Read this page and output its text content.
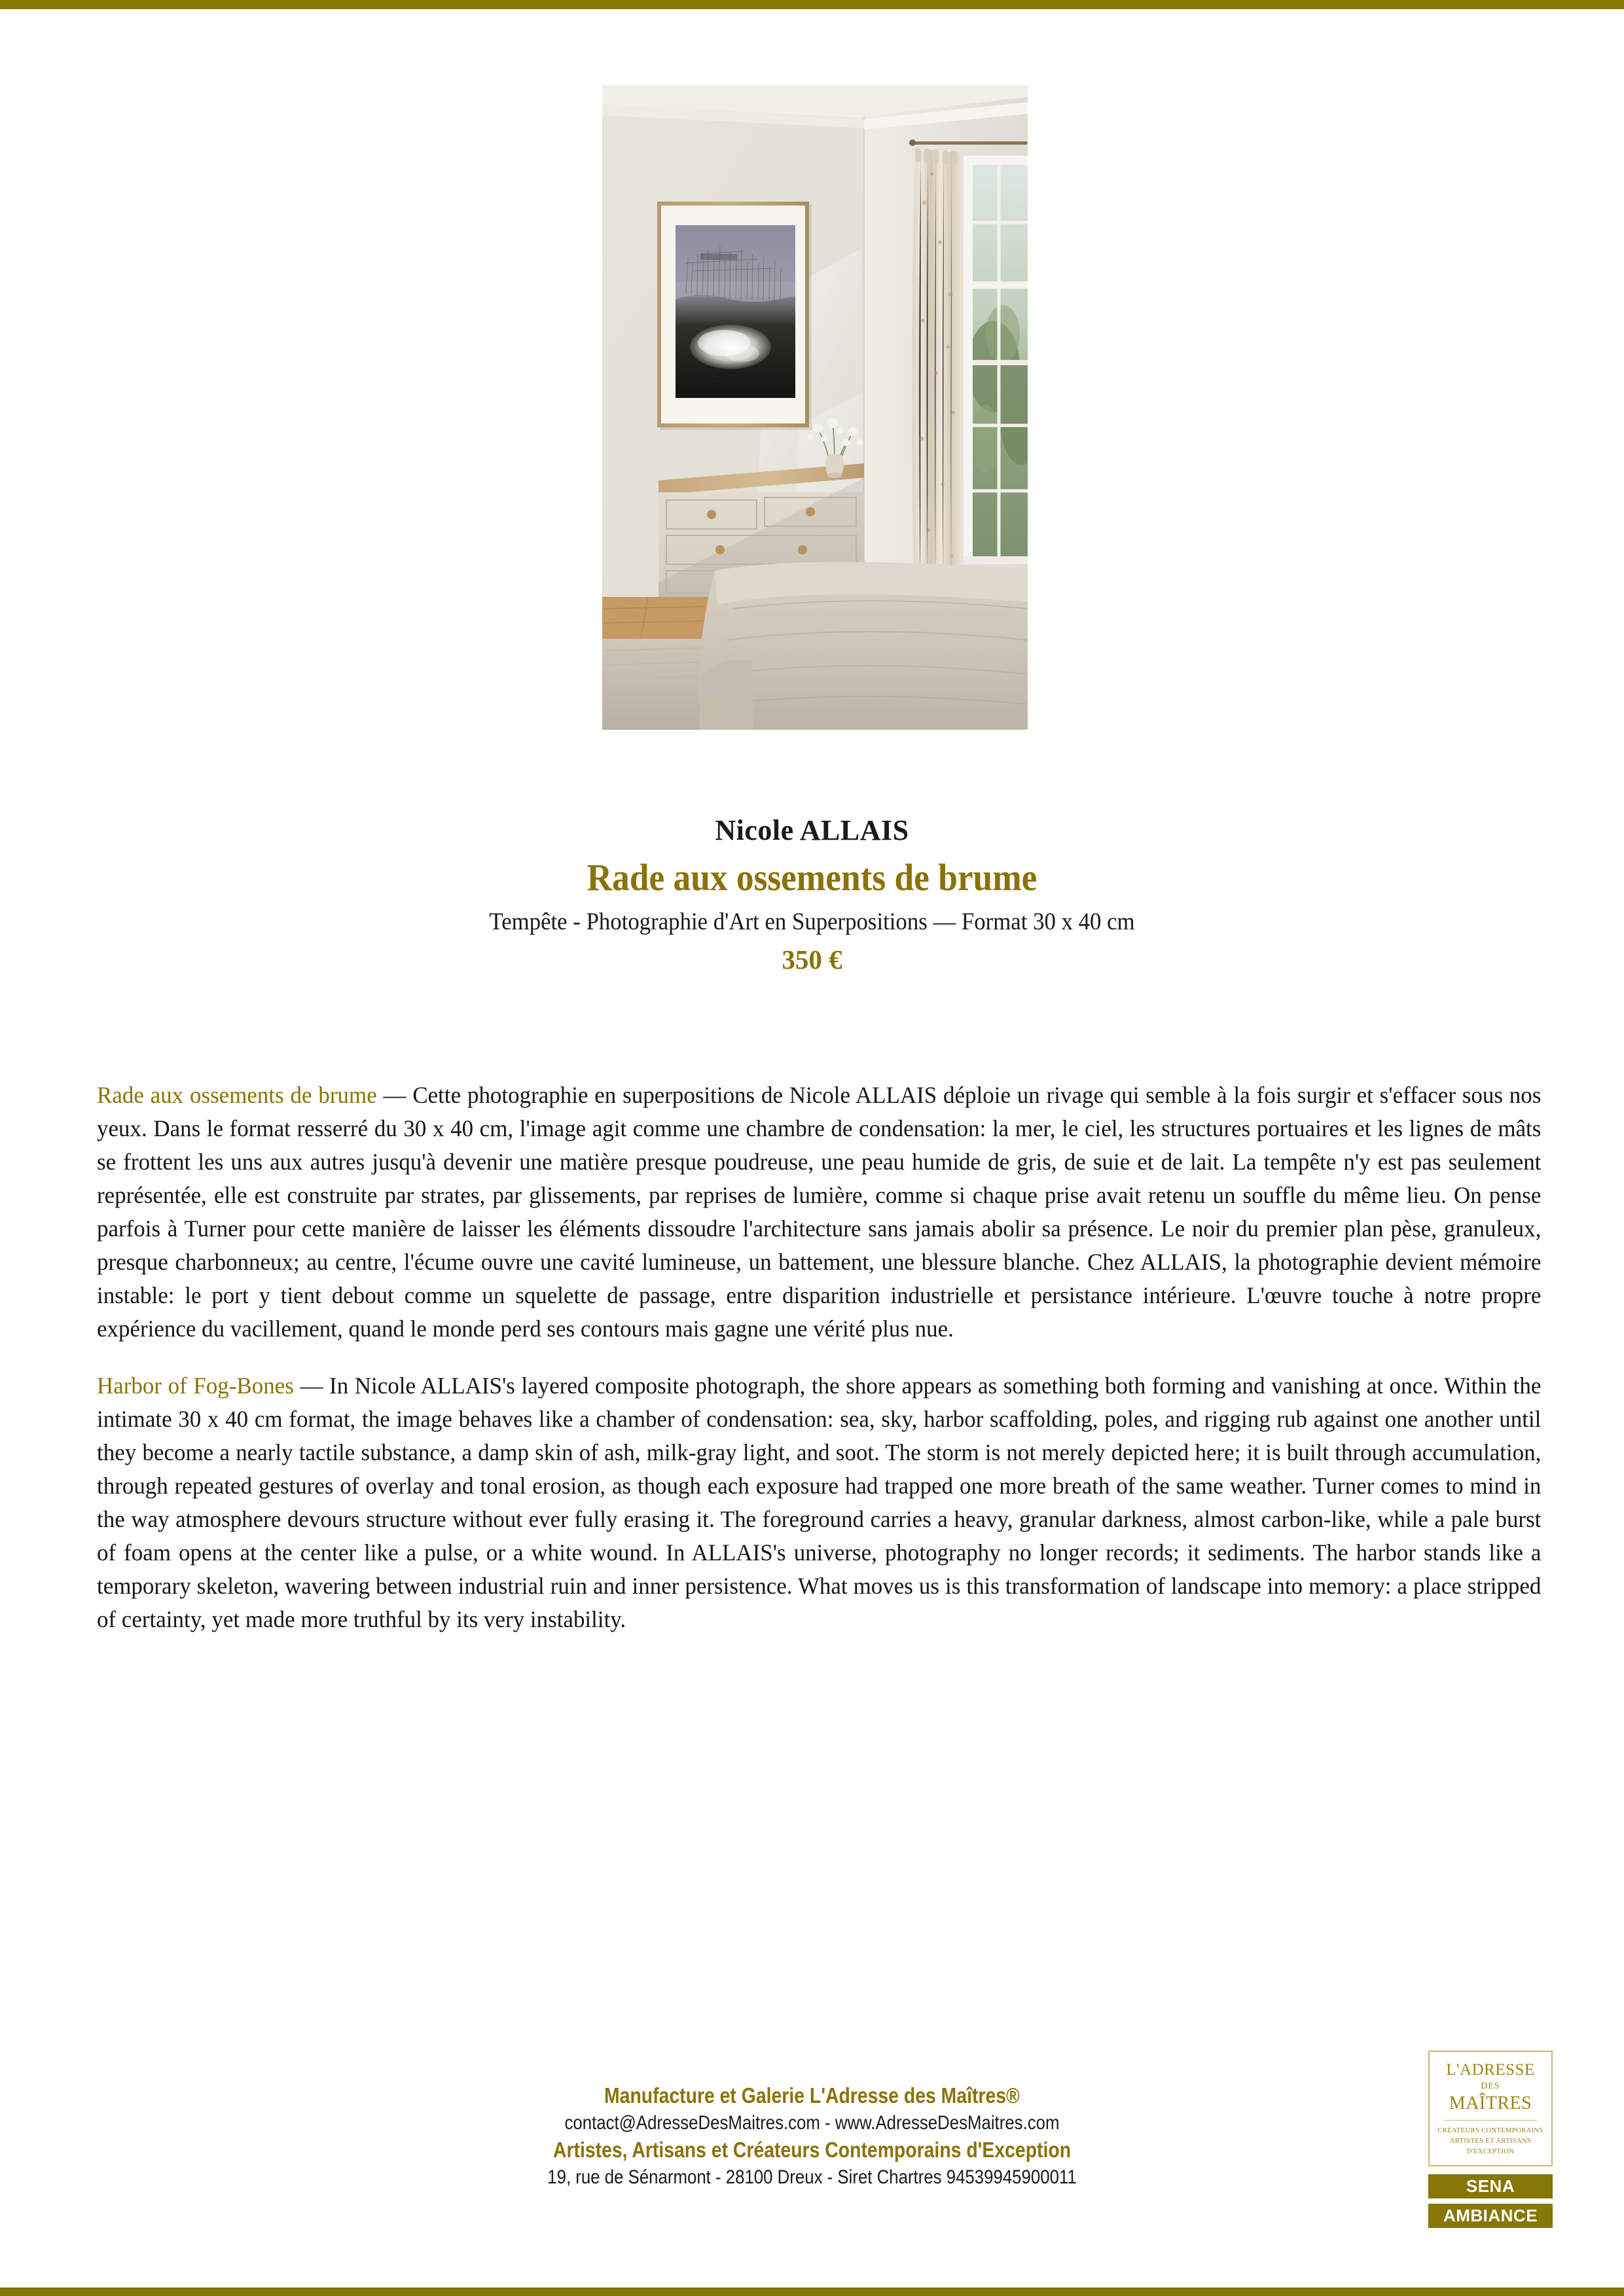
Nicole ALLAIS
Rade aux ossements de brume
Tempête - Photographie d'Art en Superpositions — Format 30 x 40 cm
350 €

Rade aux ossements de brume — Cette photographie en superpositions de Nicole ALLAIS déploie un rivage qui semble à la fois surgir et s'effacer sous nos yeux. Dans le format resserré du 30 x 40 cm, l'image agit comme une chambre de condensation: la mer, le ciel, les structures portuaires et les lignes de mâts se frottent les uns aux autres jusqu'à devenir une matière presque poudreuse, une peau humide de gris, de suie et de lait. La tempête n'y est pas seulement représentée, elle est construite par strates, par glissements, par reprises de lumière, comme si chaque prise avait retenu un souffle du même lieu. On pense parfois à Turner pour cette manière de laisser les éléments dissoudre l'architecture sans jamais abolir sa présence. Le noir du premier plan pèse, granuleux, presque charbonneux; au centre, l'écume ouvre une cavité lumineuse, un battement, une blessure blanche. Chez ALLAIS, la photographie devient mémoire instable: le port y tient debout comme un squelette de passage, entre disparition industrielle et persistance intérieure. L'œuvre touche à notre propre expérience du vacillement, quand le monde perd ses contours mais gagne une vérité plus nue.

Harbor of Fog-Bones — In Nicole ALLAIS's layered composite photograph, the shore appears as something both forming and vanishing at once. Within the intimate 30 x 40 cm format, the image behaves like a chamber of condensation: sea, sky, harbor scaffolding, poles, and rigging rub against one another until they become a nearly tactile substance, a damp skin of ash, milk-gray light, and soot. The storm is not merely depicted here; it is built through accumulation, through repeated gestures of overlay and tonal erosion, as though each exposure had trapped one more breath of the same weather. Turner comes to mind in the way atmosphere devours structure without ever fully erasing it. The foreground carries a heavy, granular darkness, almost carbon-like, while a pale burst of foam opens at the center like a pulse, or a white wound. In ALLAIS's universe, photography no longer records; it sediments. The harbor stands like a temporary skeleton, wavering between industrial ruin and inner persistence. What moves us is this transformation of landscape into memory: a place stripped of certainty, yet made more truthful by its very instability.

Manufacture et Galerie L'Adresse des Maîtres®
contact@AdresseDesMaitres.com - www.AdresseDesMaitres.com
Artistes, Artisans et Créateurs Contemporains d'Exception
19, rue de Sénarmont - 28100 Dreux - Siret Chartres 94539945900011
L'ADRESSE
DES
MAÎTRES
CRÉATEURS CONTEMPORAINS
ARTISTES ET ARTISANS
D'EXCEPTION
SENA
AMBIANCE
